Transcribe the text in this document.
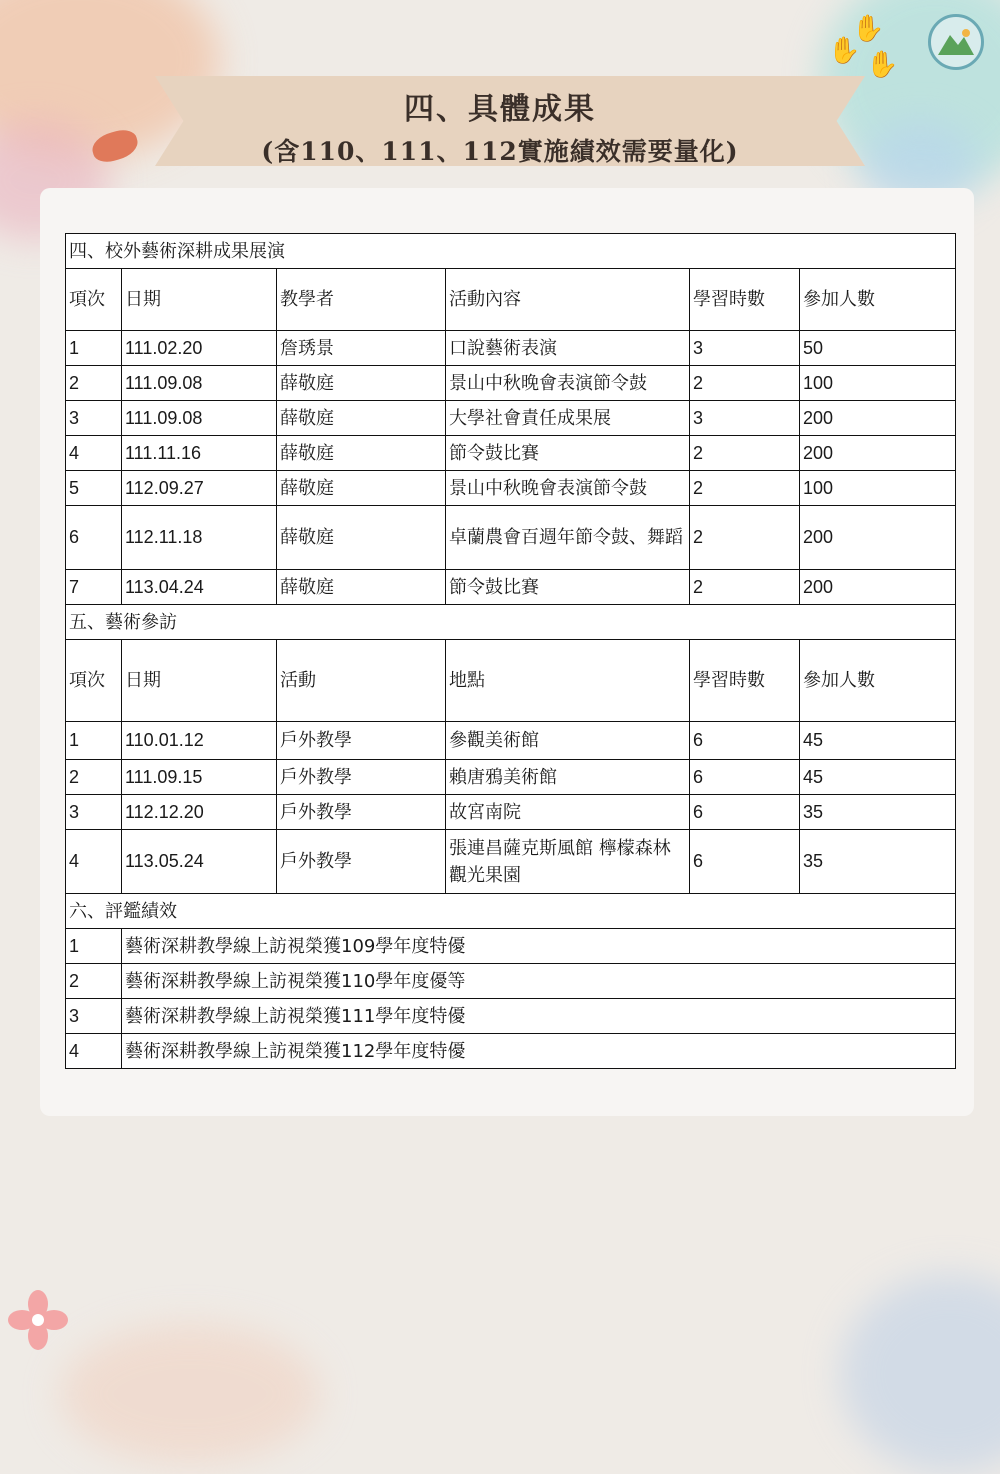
✋
✋
✋
四、具體成果
(含110、111、112實施績效需要量化)
四、校外藝術深耕成果展演					
項次	日期	教學者	活動內容	學習時數	參加人數
1	111.02.20	詹琇景	口說藝術表演	3	50
2	111.09.08	薛敬庭	景山中秋晚會表演節令鼓	2	100
3	111.09.08	薛敬庭	大學社會責任成果展	3	200
4	111.11.16	薛敬庭	節令鼓比賽	2	200
5	112.09.27	薛敬庭	景山中秋晚會表演節令鼓	2	100
6	112.11.18	薛敬庭	卓蘭農會百週年節令鼓、舞蹈	2	200
7	113.04.24	薛敬庭	節令鼓比賽	2	200
五、藝術參訪					
項次	日期	活動	地點	學習時數	參加人數
1	110.01.12	戶外教學	參觀美術館	6	45
2	111.09.15	戶外教學	賴唐鴉美術館	6	45
3	112.12.20	戶外教學	故宮南院	6	35
4	113.05.24	戶外教學	張連昌薩克斯風館 檸檬森林觀光果園	6	35
六、評鑑績效					
1	藝術深耕教學線上訪視榮獲109學年度特優				
2	藝術深耕教學線上訪視榮獲110學年度優等				
3	藝術深耕教學線上訪視榮獲111學年度特優				
4	藝術深耕教學線上訪視榮獲112學年度特優				
